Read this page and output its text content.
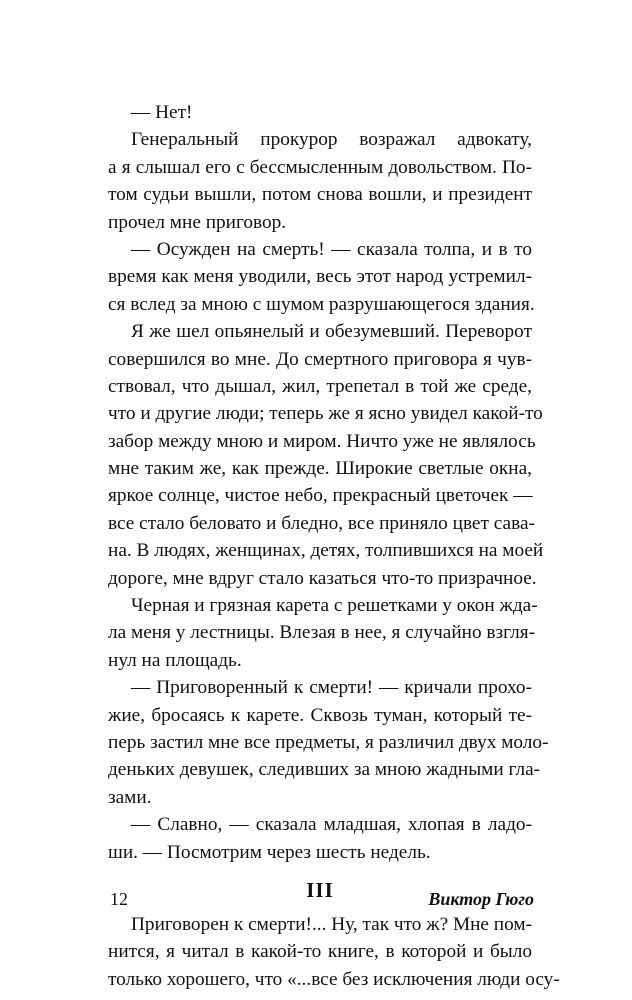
— Нет!
Генеральный прокурор возражал адвокату,
а я слышал его с бессмысленным довольством. По-
том судьи вышли, потом снова вошли, и президент
прочел мне приговор.
— Осужден на смерть! — сказала толпа, и в то
время как меня уводили, весь этот народ устремил-
ся вслед за мною с шумом разрушающегося здания.
Я же шел опьянелый и обезумевший. Переворот
совершился во мне. До смертного приговора я чув-
ствовал, что дышал, жил, трепетал в той же среде,
что и другие люди; теперь же я ясно увидел какой-то
забор между мною и миром. Ничто уже не являлось
мне таким же, как прежде. Широкие светлые окна,
яркое солнце, чистое небо, прекрасный цветочек —
все стало беловато и бледно, все приняло цвет сава-
на. В людях, женщинах, детях, толпившихся на моей
дороге, мне вдруг стало казаться что-то призрачное.
Черная и грязная карета с решетками у окон жда-
ла меня у лестницы. Влезая в нее, я случайно взгля-
нул на площадь.
— Приговоренный к смерти! — кричали прохо-
жие, бросаясь к карете. Сквозь туман, который те-
перь застил мне все предметы, я различил двух моло-
деньких девушек, следивших за мною жадными гла-
зами.
— Славно, — сказала младшая, хлопая в ладо-
ши. — Посмотрим через шесть недель.
III
Приговорен к смерти!... Ну, так что ж? Мне пом-
нится, я читал в какой-то книге, в которой и было
только хорошего, что «...все без исключения люди осу-
12	Виктор Гюго
